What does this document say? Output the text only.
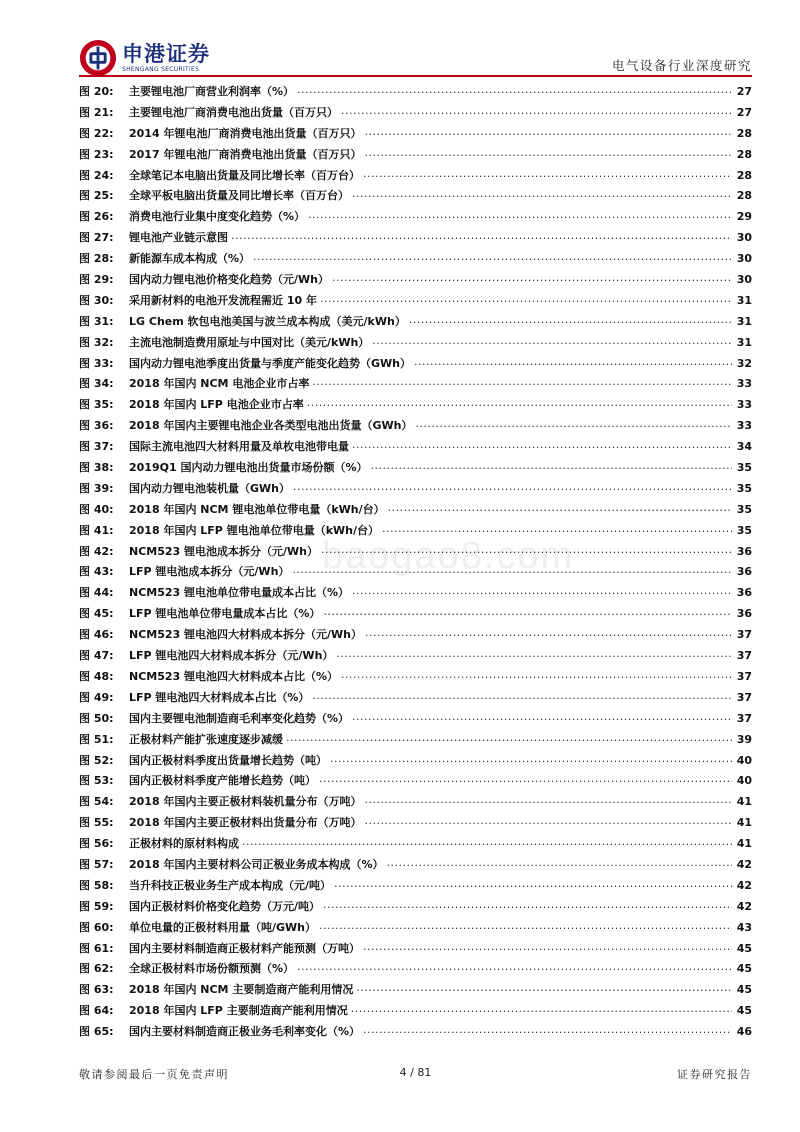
申港证券
SHENGANG SECURITIES	电气设备行业深度研究
baogao8.com
图 20:	主要锂电池厂商营业利润率（%） .....	27
图 21:	主要锂电池厂商消费电池出货量（百万只） .....	27
图 22:	2014 年锂电池厂商消费电池出货量（百万只） .....	28
图 23:	2017 年锂电池厂商消费电池出货量（百万只） .....	28
图 24:	全球笔记本电脑出货量及同比增长率（百万台） .....	28
图 25:	全球平板电脑出货量及同比增长率（百万台） .....	28
图 26:	消费电池行业集中度变化趋势（%） .....	29
图 27:	锂电池产业链示意图 .....	30
图 28:	新能源车成本构成（%） .....	30
图 29:	国内动力锂电池价格变化趋势（元/Wh） .....	30
图 30:	采用新材料的电池开发流程需近 10 年 .....	31
图 31:	LG Chem 软包电池美国与波兰成本构成（美元/kWh） .....	31
图 32:	主流电池制造费用原址与中国对比（美元/kWh） .....	31
图 33:	国内动力锂电池季度出货量与季度产能变化趋势（GWh） .....	32
图 34:	2018 年国内 NCM 电池企业市占率 .....	33
图 35:	2018 年国内 LFP 电池企业市占率 .....	33
图 36:	2018 年国内主要锂电池企业各类型电池出货量（GWh） .....	33
图 37:	国际主流电池四大材料用量及单枚电池带电量 .....	34
图 38:	2019Q1 国内动力锂电池出货量市场份额（%） .....	35
图 39:	国内动力锂电池装机量（GWh） .....	35
图 40:	2018 年国内 NCM 锂电池单位带电量（kWh/台） .....	35
图 41:	2018 年国内 LFP 锂电池单位带电量（kWh/台） .....	35
图 42:	NCM523 锂电池成本拆分（元/Wh） .....	36
图 43:	LFP 锂电池成本拆分（元/Wh） .....	36
图 44:	NCM523 锂电池单位带电量成本占比（%） .....	36
图 45:	LFP 锂电池单位带电量成本占比（%） .....	36
图 46:	NCM523 锂电池四大材料成本拆分（元/Wh） .....	37
图 47:	LFP 锂电池四大材料成本拆分（元/Wh） .....	37
图 48:	NCM523 锂电池四大材料成本占比（%） .....	37
图 49:	LFP 锂电池四大材料成本占比（%） .....	37
图 50:	国内主要锂电池制造商毛利率变化趋势（%） .....	37
图 51:	正极材料产能扩张速度逐步减缓 .....	39
图 52:	国内正极材料季度出货量增长趋势（吨） .....	40
图 53:	国内正极材料季度产能增长趋势（吨） .....	40
图 54:	2018 年国内主要正极材料装机量分布（万吨） .....	41
图 55:	2018 年国内主要正极材料出货量分布（万吨） .....	41
图 56:	正极材料的原材料构成 .....	41
图 57:	2018 年国内主要材料公司正极业务成本构成（%） .....	42
图 58:	当升科技正极业务生产成本构成（元/吨） .....	42
图 59:	国内正极材料价格变化趋势（万元/吨） .....	42
图 60:	单位电量的正极材料用量（吨/GWh） .....	43
图 61:	国内主要材料制造商正极材料产能预测（万吨） .....	45
图 62:	全球正极材料市场份额预测（%） .....	45
图 63:	2018 年国内 NCM 主要制造商产能利用情况 .....	45
图 64:	2018 年国内 LFP 主要制造商产能利用情况 .....	45
图 65:	国内主要材料制造商正极业务毛利率变化（%） .....	46
敬请参阅最后一页免责声明	4 / 81	证券研究报告
